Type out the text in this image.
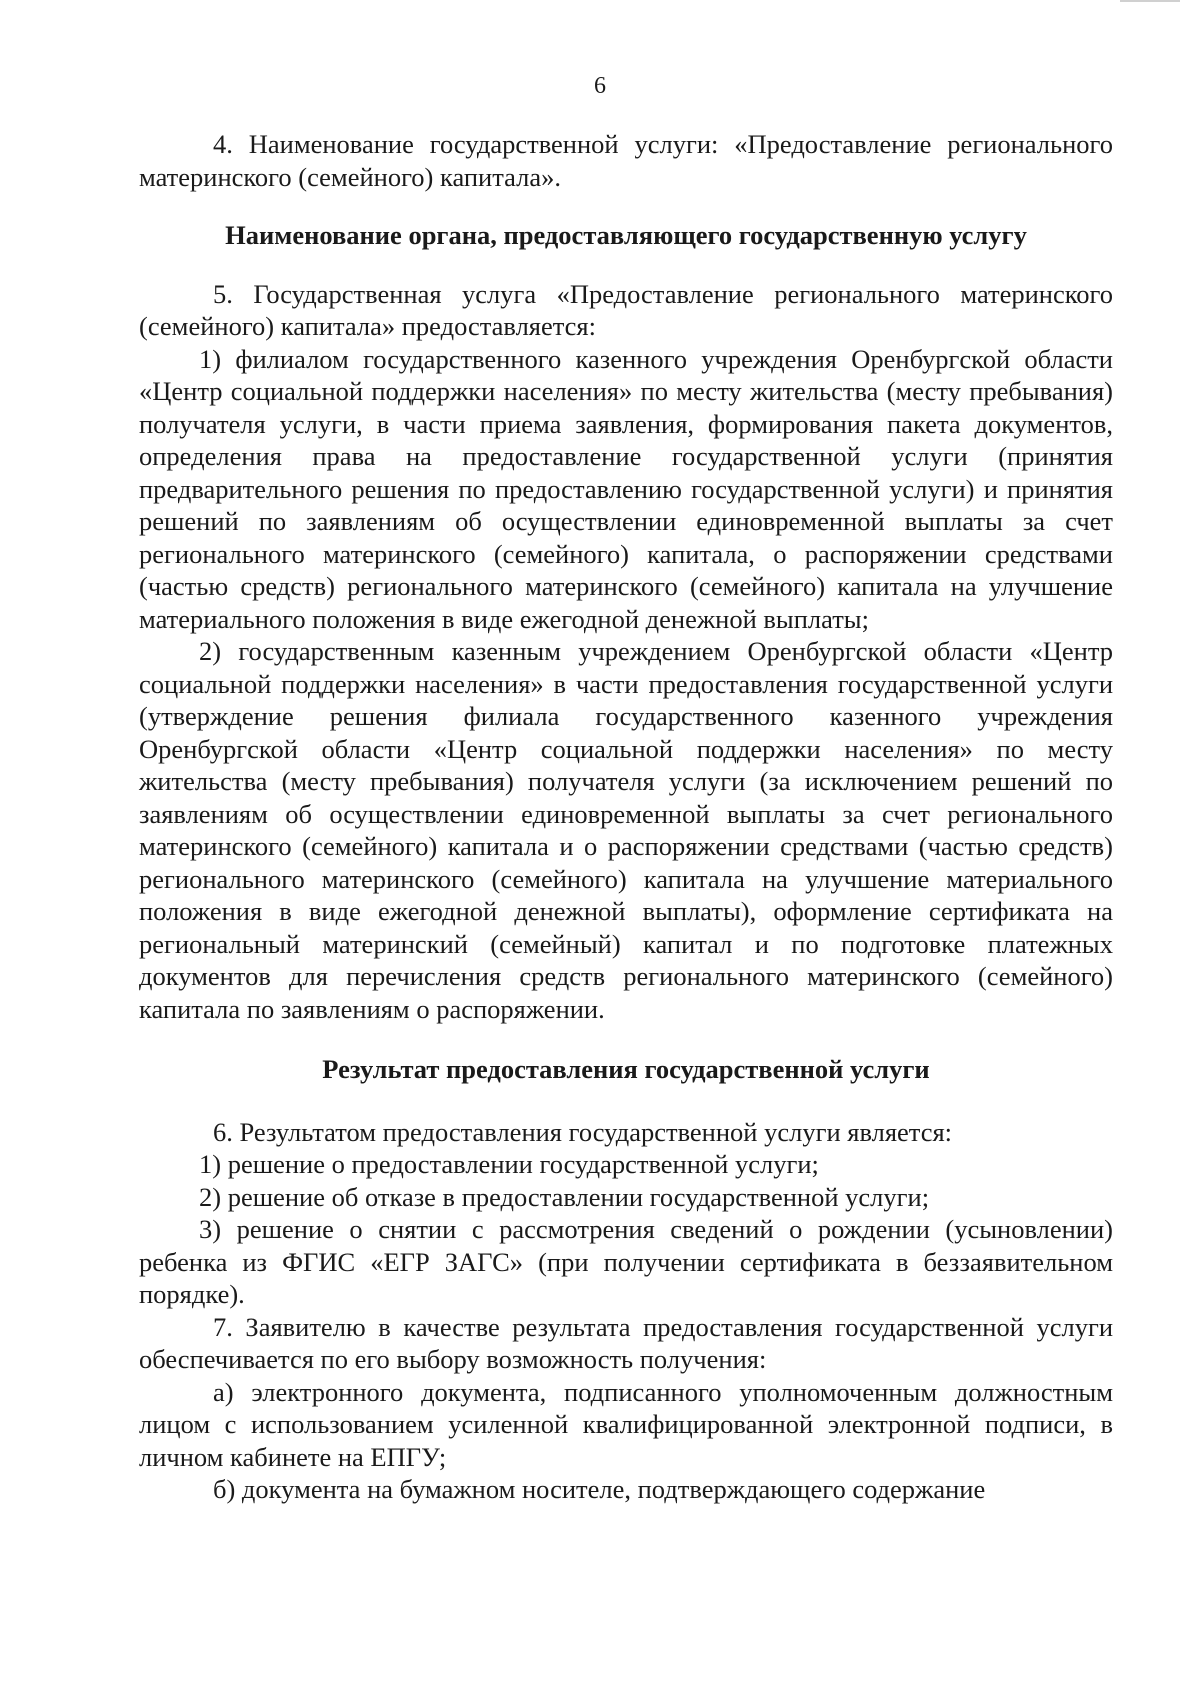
6

4. Наименование государственной услуги: «Предоставление регионального материнского (семейного) капитала».

Наименование органа, предоставляющего государственную услугу

5. Государственная услуга «Предоставление регионального материнского (семейного) капитала» предоставляется:

1) филиалом государственного казенного учреждения Оренбургской области «Центр социальной поддержки населения» по месту жительства (месту пребывания) получателя услуги, в части приема заявления, формирования пакета документов, определения права на предоставление государственной услуги (принятия предварительного решения по предоставлению государственной услуги) и принятия решений по заявлениям об осуществлении единовременной выплаты за счет регионального материнского (семейного) капитала, о распоряжении средствами (частью средств) регионального материнского (семейного) капитала на улучшение материального положения в виде ежегодной денежной выплаты;

2) государственным казенным учреждением Оренбургской области «Центр социальной поддержки населения» в части предоставления государственной услуги (утверждение решения филиала государственного казенного учреждения Оренбургской области «Центр социальной поддержки населения» по месту жительства (месту пребывания) получателя услуги (за исключением решений по заявлениям об осуществлении единовременной выплаты за счет регионального материнского (семейного) капитала и о распоряжении средствами (частью средств) регионального материнского (семейного) капитала на улучшение материального положения в виде ежегодной денежной выплаты), оформление сертификата на региональный материнский (семейный) капитал и по подготовке платежных документов для перечисления средств регионального материнского (семейного) капитала по заявлениям о распоряжении.

Результат предоставления государственной услуги

6. Результатом предоставления государственной услуги является:

1) решение о предоставлении государственной услуги;

2) решение об отказе в предоставлении государственной услуги;

3) решение о снятии с рассмотрения сведений о рождении (усыновлении) ребенка из ФГИС «ЕГР ЗАГС» (при получении сертификата в беззаявительном порядке).

7. Заявителю в качестве результата предоставления государственной услуги обеспечивается по его выбору возможность получения:

а) электронного документа, подписанного уполномоченным должностным лицом с использованием усиленной квалифицированной электронной подписи, в личном кабинете на ЕПГУ;

б) документа на бумажном носителе, подтверждающего содержание
